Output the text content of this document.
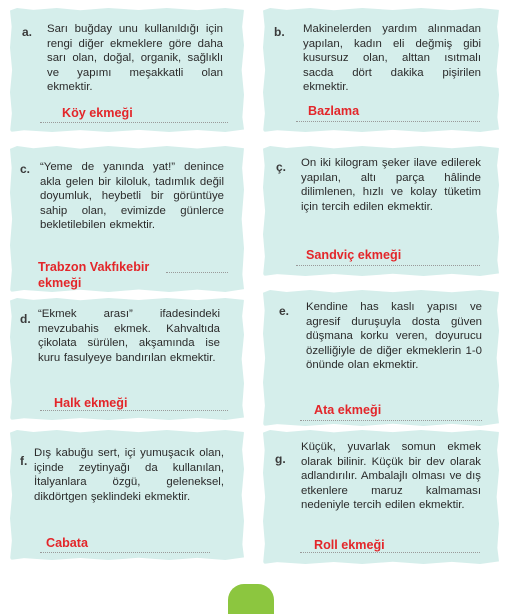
a. Sarı buğday unu kullanıldığı için rengi diğer ekmeklere göre daha sarı olan, doğal, organik, sağlıklı ve yapımı meşakkatli olan ekmektir.
Köy ekmeği
b. Makinelerden yardım alınmadan yapılan, kadın eli değmiş gibi kusursuz olan, alttan ısıtmalı sacda dört dakika pişirilen ekmektir.
Bazlama
c. “Yeme de yanında yat!” denince akla gelen bir kiloluk, tadımlık değil doyumluk, heybetli bir görüntüye sahip olan, evimizde günlerce bekletilebilen ekmektir.
Trabzon Vakfıkebir
ekmeği
ç. On iki kilogram şeker ilave edilerek yapılan, altı parça hâlinde dilimlenen, hızlı ve kolay tüketim için tercih edilen ekmektir.
Sandviç ekmeği
d. “Ekmek arası” ifadesindeki mevzubahis ekmek. Kahvaltıda çikolata sürülen, akşamında ise kuru fasulyeye bandırılan ekmektir.
Halk ekmeği
e. Kendine has kaslı yapısı ve agresif duruşuyla dosta güven düşmana korku veren, doyurucu özelliğiyle de diğer ekmeklerin 1-0 önünde olan ekmektir.
Ata ekmeği
f.
Dış kabuğu sert, içi yumuşacık olan, içinde zeytinyağı da kullanılan, İtalyanlara özgü, geleneksel, dikdörtgen şeklindeki ekmektir.
Cabata
g.
Küçük, yuvarlak somun ekmek olarak bilinir. Küçük bir dev olarak adlandırılır. Ambalajlı olması ve dış etkenlere maruz kalmaması nedeniyle tercih edilen ekmektir.
Roll ekmeği
